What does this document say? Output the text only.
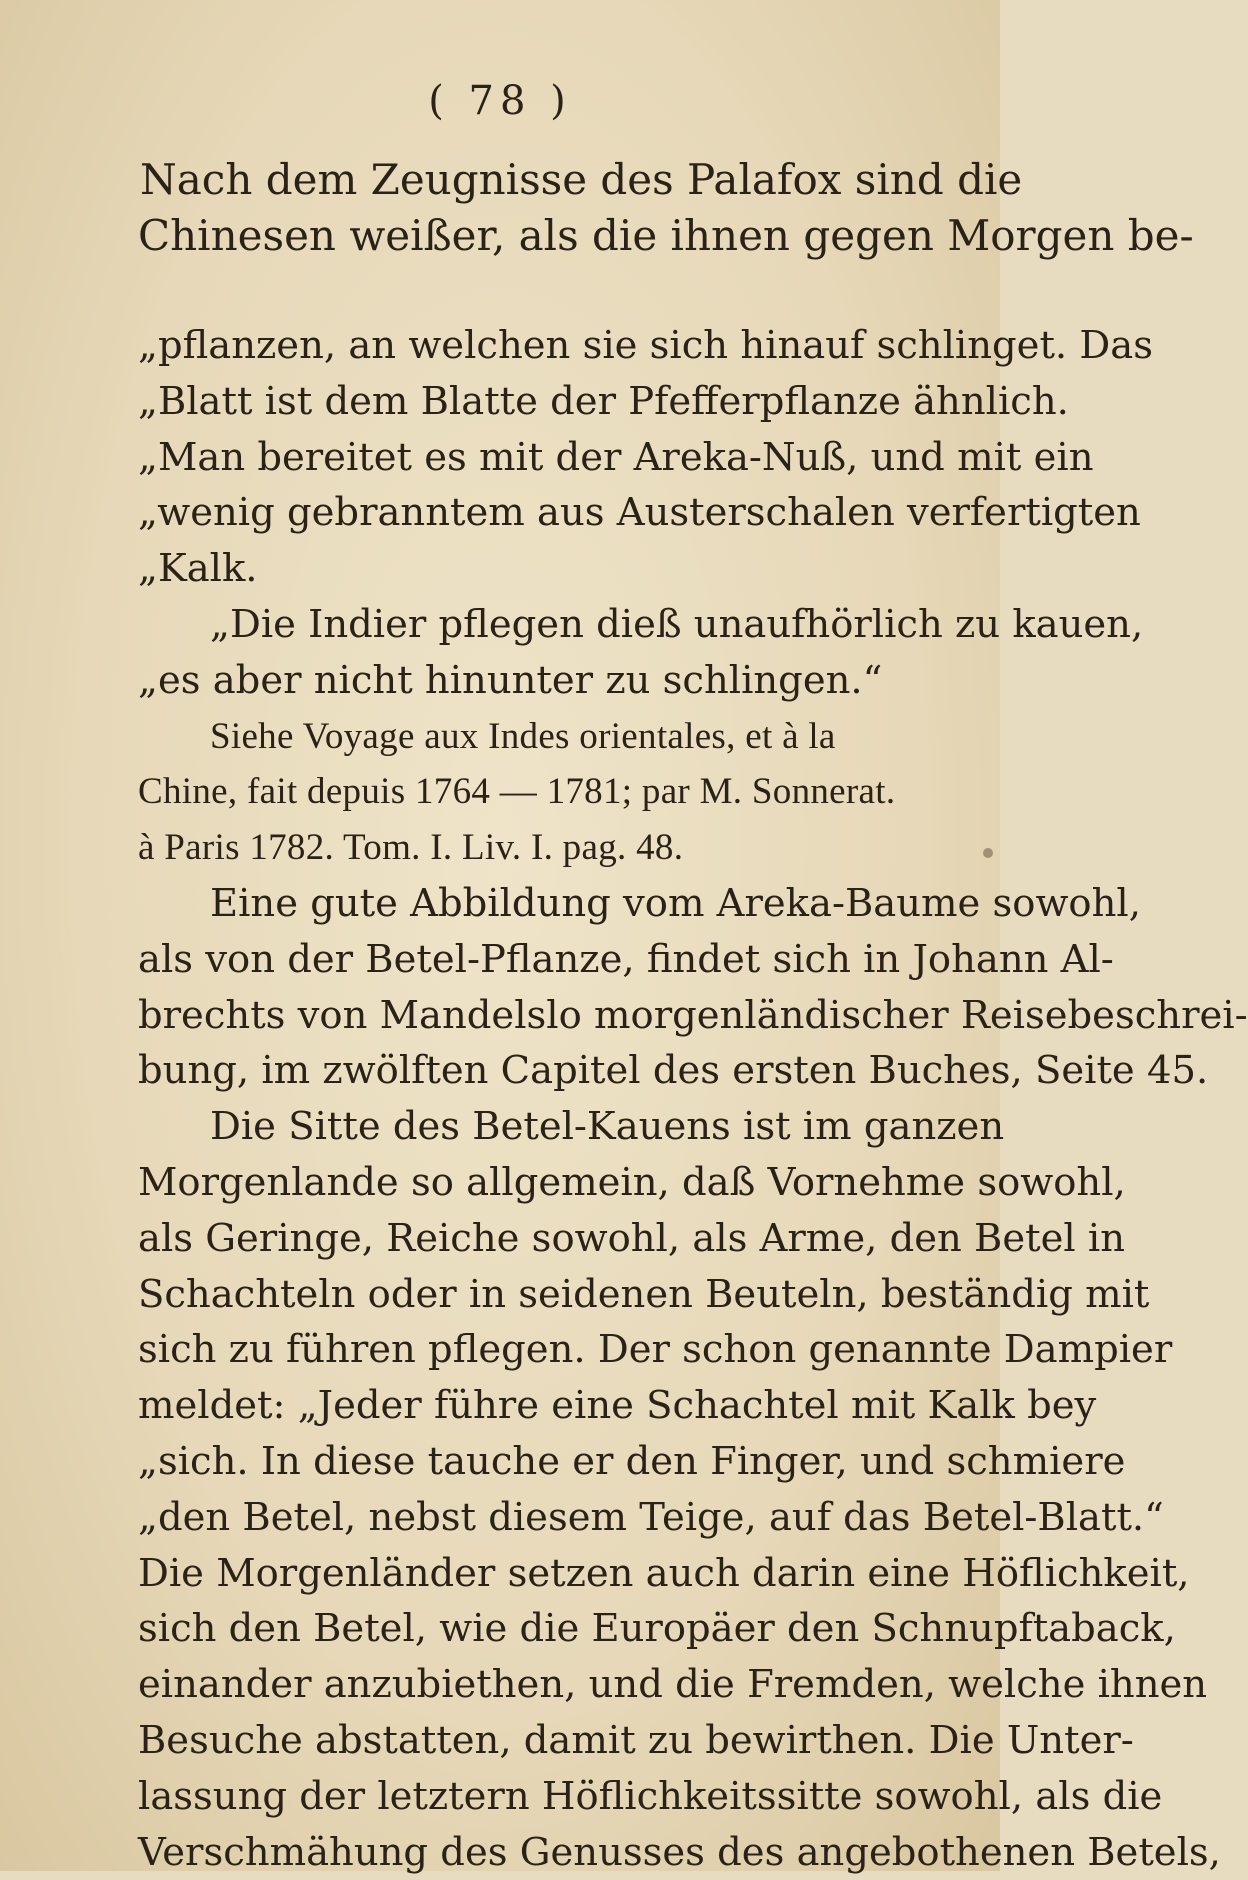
( 78 )
Nach dem Zeugnisse des Palafox sind die
Chinesen weißer, als die ihnen gegen Morgen be-
„pflanzen, an welchen sie sich hinauf schlinget. Das
„Blatt ist dem Blatte der Pfefferpflanze ähnlich.
„Man bereitet es mit der Areka-Nuß, und mit ein
„wenig gebranntem aus Austerschalen verfertigten
„Kalk.
„Die Indier pflegen dieß unaufhörlich zu kauen,
„es aber nicht hinunter zu schlingen.“
Siehe Voyage aux Indes orientales, et à la
Chine, fait depuis 1764 — 1781; par M. Sonnerat.
à Paris 1782. Tom. I. Liv. I. pag. 48.
Eine gute Abbildung vom Areka-Baume sowohl,
als von der Betel-Pflanze, findet sich in Johann Al-
brechts von Mandelslo morgenländischer Reisebeschrei-
bung, im zwölften Capitel des ersten Buches, Seite 45.
Die Sitte des Betel-Kauens ist im ganzen
Morgenlande so allgemein, daß Vornehme sowohl,
als Geringe, Reiche sowohl, als Arme, den Betel in
Schachteln oder in seidenen Beuteln, beständig mit
sich zu führen pflegen. Der schon genannte Dampier
meldet: „Jeder führe eine Schachtel mit Kalk bey
„sich. In diese tauche er den Finger, und schmiere
„den Betel, nebst diesem Teige, auf das Betel-Blatt.“
Die Morgenländer setzen auch darin eine Höflichkeit,
sich den Betel, wie die Europäer den Schnupftaback,
einander anzubiethen, und die Fremden, welche ihnen
Besuche abstatten, damit zu bewirthen. Die Unter-
lassung der letztern Höflichkeitssitte sowohl, als die
Verschmähung des Genusses des angebothenen Betels,
